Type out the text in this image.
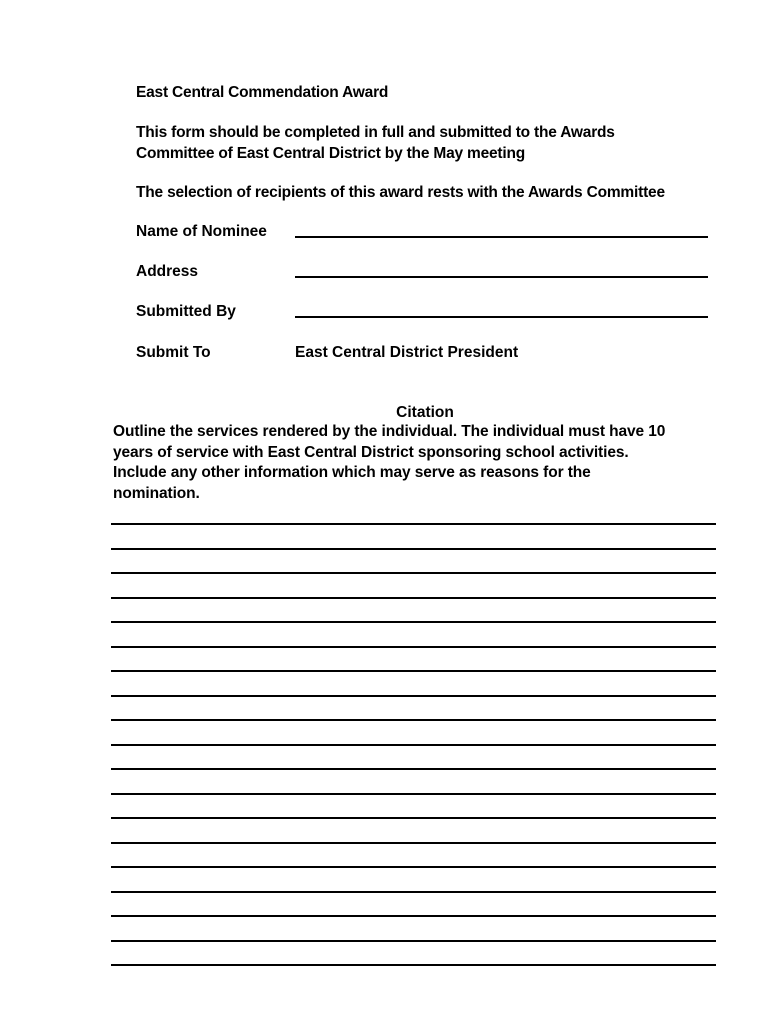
East Central Commendation Award
This form should be completed in full and submitted to the Awards
Committee of East Central District by the May meeting
The selection of recipients of this award rests with the Awards Committee
Name of Nominee
Address
Submitted By
Submit To	East Central District President
Citation
Outline the services rendered by the individual. The individual must have 10
years of service with East Central District sponsoring school activities.
Include any other information which may serve as reasons for the
nomination.
